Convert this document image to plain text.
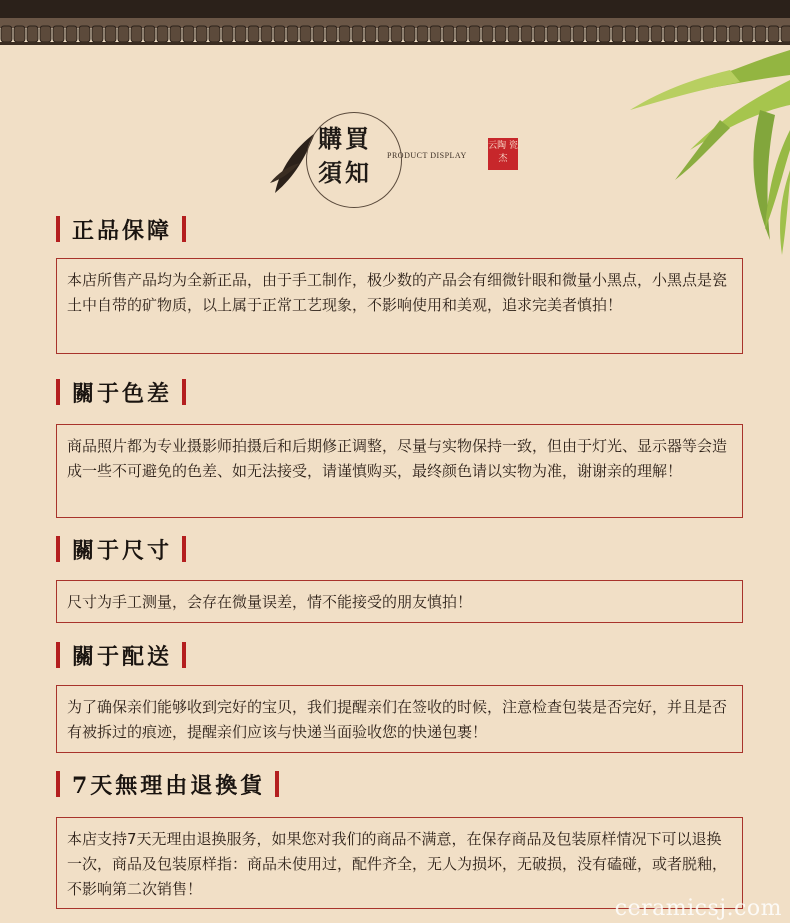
購買
須知
PRODUCT DISPLAY
云陶 瓷杰
正品保障
本店所售产品均为全新正品，由于手工制作，极少数的产品会有细微针眼和微量小黑点，小黑点是瓷土中自带的矿物质，以上属于正常工艺现象，不影响使用和美观，追求完美者慎拍！
關于色差
商品照片都为专业摄影师拍摄后和后期修正调整，尽量与实物保持一致，但由于灯光、显示器等会造成一些不可避免的色差、如无法接受，请谨慎购买，最终颜色请以实物为准，谢谢亲的理解！
關于尺寸
尺寸为手工测量，会存在微量误差，情不能接受的朋友慎拍！
關于配送
为了确保亲们能够收到完好的宝贝，我们提醒亲们在签收的时候，注意检查包装是否完好，并且是否有被拆过的痕迹，提醒亲们应该与快递当面验收您的快递包裹！
7天無理由退換貨
本店支持7天无理由退换服务，如果您对我们的商品不满意，在保存商品及包装原样情况下可以退换一次，商品及包装原样指：商品未使用过，配件齐全，无人为损坏，无破损，没有磕碰，或者脱釉，不影响第二次销售！
ceramicsj.com
